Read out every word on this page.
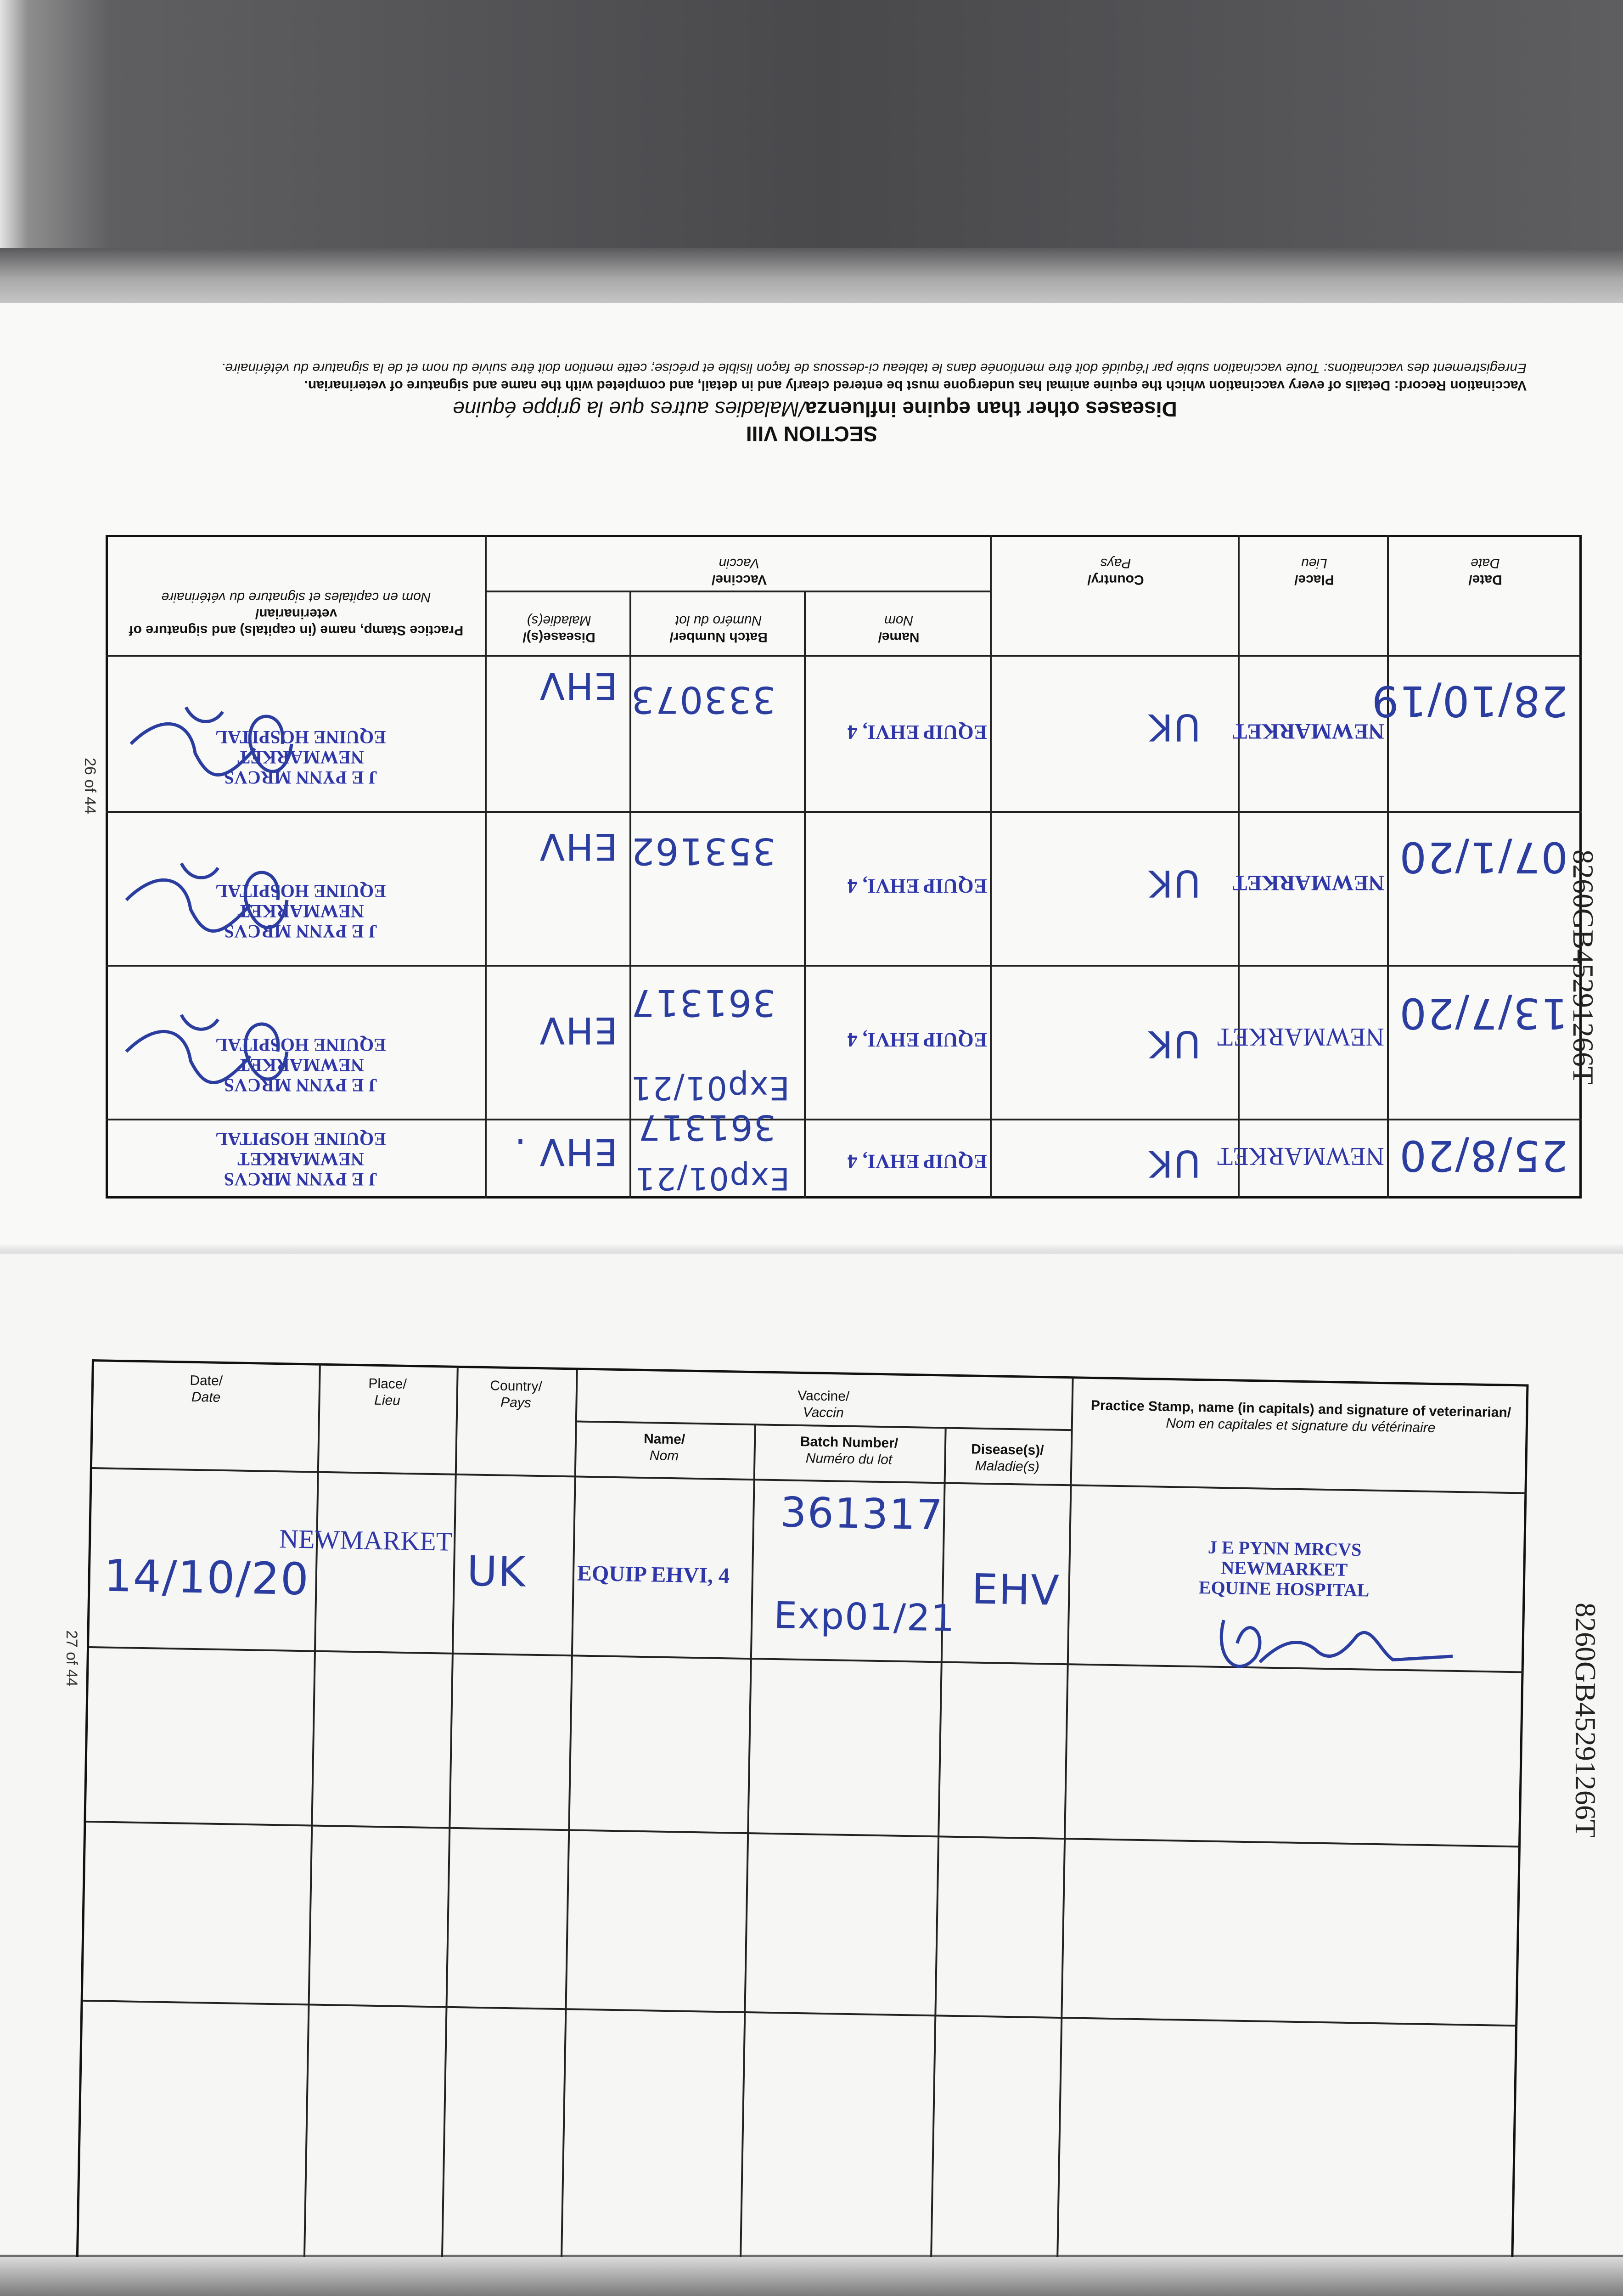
SECTION VIII
Diseases other than equine influenza/Maladies autres que la grippe équine
Vaccination Record: Details of every vaccination which the equine animal has undergone must be entered clearly and in detail, and completed with the name and signature of veterinarian.
Enregistrement des vaccinations: Toute vaccination subie par l'équidé doit être mentionée dans le tableau ci-dessous de façon lisible et précise; cette mention doit être suivie du nom et de la signature du vétérinaire.
Date/
Date
Place/
Lieu
Country/
Pays
Vaccine/
Vaccin
Name/
Nom
Batch Number/
Numéro du lot
Disease(s)/
Maladie(s)
Practice Stamp, name (in capitals) and signature of veterinarian/
Nom en capitales et signature du vétérinaire
28/10/19
NEWMARKET
UK
EQUIP EHVI, 4
333073
EHV
J E PYNN MRCVS
NEWMARKET
EQUINE HOSPITAL
07/1/20
NEWMARKET
UK
EQUIP EHVI, 4
353162
EHV
J E PYNN MRCVS
NEWMARKET
EQUINE HOSPITAL
13/7/20
NEWMARKET
UK
EQUIP EHVI, 4
361317
Exp01/21
EHV
J E PYNN MRCVS
NEWMARKET
EQUINE HOSPITAL
25/8/20
NEWMARKET
UK
EQUIP EHVI, 4
361317
Exp01/21
EHV .
J E PYNN MRCVS
NEWMARKET
EQUINE HOSPITAL
26 of 44
8260GB45291266T
Date/
Date
Place/
Lieu
Country/
Pays	Vaccine/
Vaccin
Name/
Nom
Batch Number/
Numéro du lot
Disease(s)/
Maladie(s)
Practice Stamp, name (in capitals) and signature of veterinarian/
Nom en capitales et signature du vétérinaire
14/10/20
NEWMARKET
UK EQUIP EHVI, 4
361317
Exp01/21
EHV
J E PYNN MRCVS
NEWMARKET
EQUINE HOSPITAL
27 of 44	8260GB45291266T
